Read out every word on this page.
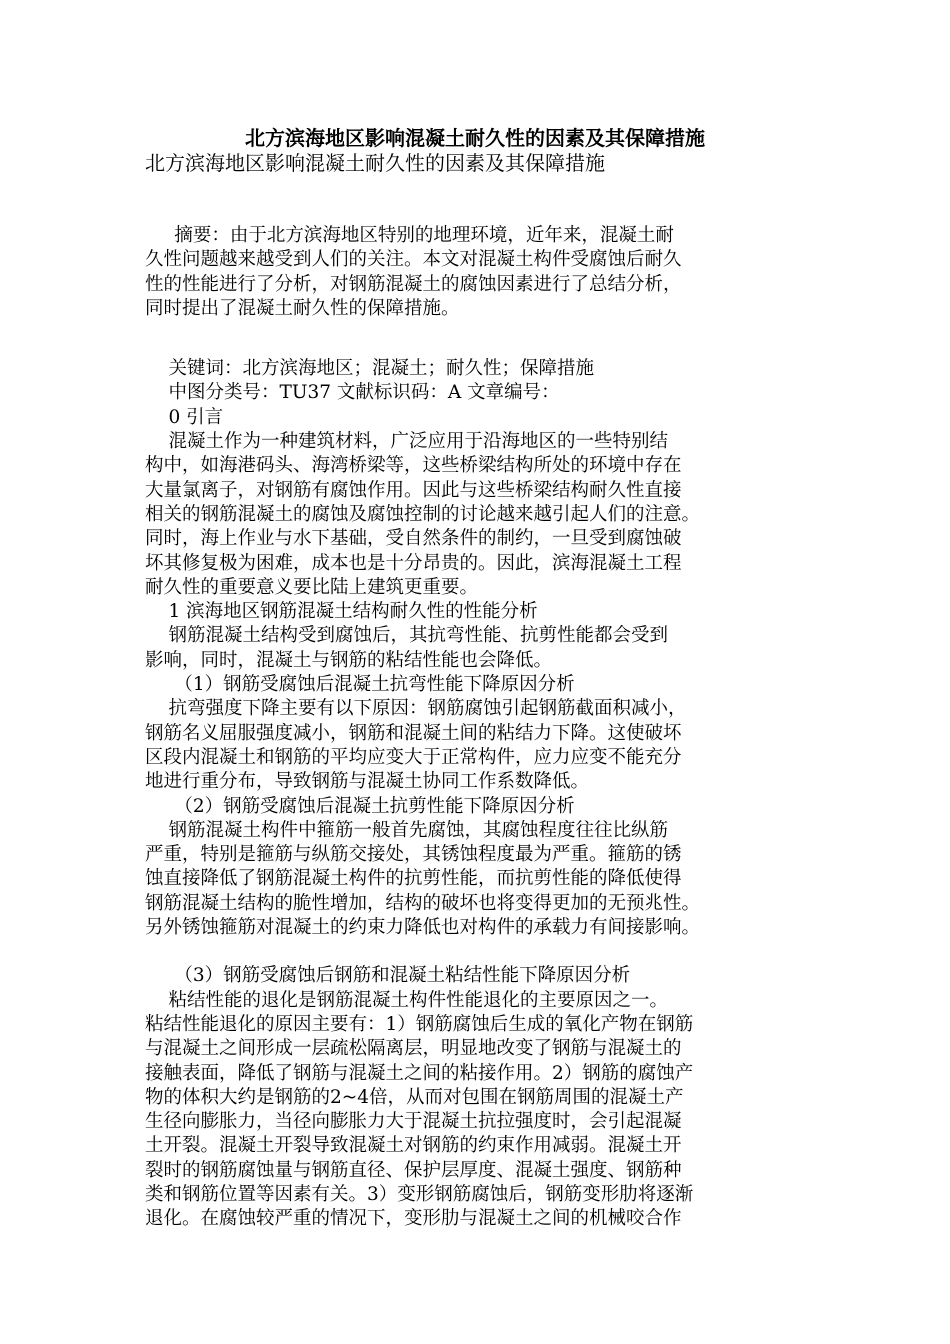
北方滨海地区影响混凝土耐久性的因素及其保障措施
北方滨海地区影响混凝土耐久性的因素及其保障措施

摘要：由于北方滨海地区特别的地理环境，近年来，混凝土耐

久性问题越来越受到人们的关注。本文对混凝土构件受腐蚀后耐久

性的性能进行了分析，对钢筋混凝土的腐蚀因素进行了总结分析，

同时提出了混凝土耐久性的保障措施。

关键词：北方滨海地区；混凝土；耐久性；保障措施

中图分类号：TU37 文献标识码：A 文章编号：

0 引言

混凝土作为一种建筑材料，广泛应用于沿海地区的一些特别结

构中，如海港码头、海湾桥梁等，这些桥梁结构所处的环境中存在

大量氯离子，对钢筋有腐蚀作用。因此与这些桥梁结构耐久性直接

相关的钢筋混凝土的腐蚀及腐蚀控制的讨论越来越引起人们的注意。

同时，海上作业与水下基础，受自然条件的制约，一旦受到腐蚀破

坏其修复极为困难，成本也是十分昂贵的。因此，滨海混凝土工程

耐久性的重要意义要比陆上建筑更重要。

1 滨海地区钢筋混凝土结构耐久性的性能分析

钢筋混凝土结构受到腐蚀后，其抗弯性能、抗剪性能都会受到

影响，同时，混凝土与钢筋的粘结性能也会降低。

（1）钢筋受腐蚀后混凝土抗弯性能下降原因分析

抗弯强度下降主要有以下原因：钢筋腐蚀引起钢筋截面积减小，

钢筋名义屈服强度减小，钢筋和混凝土间的粘结力下降。这使破坏

区段内混凝土和钢筋的平均应变大于正常构件，应力应变不能充分

地进行重分布，导致钢筋与混凝土协同工作系数降低。

（2）钢筋受腐蚀后混凝土抗剪性能下降原因分析

钢筋混凝土构件中箍筋一般首先腐蚀，其腐蚀程度往往比纵筋

严重，特别是箍筋与纵筋交接处，其锈蚀程度最为严重。箍筋的锈

蚀直接降低了钢筋混凝土构件的抗剪性能，而抗剪性能的降低使得

钢筋混凝土结构的脆性增加，结构的破坏也将变得更加的无预兆性。

另外锈蚀箍筋对混凝土的约束力降低也对构件的承载力有间接影响。

（3）钢筋受腐蚀后钢筋和混凝土粘结性能下降原因分析

粘结性能的退化是钢筋混凝土构件性能退化的主要原因之一。

粘结性能退化的原因主要有：1）钢筋腐蚀后生成的氧化产物在钢筋

与混凝土之间形成一层疏松隔离层，明显地改变了钢筋与混凝土的

接触表面，降低了钢筋与混凝土之间的粘接作用。2）钢筋的腐蚀产

物的体积大约是钢筋的2~4倍，从而对包围在钢筋周围的混凝土产

生径向膨胀力，当径向膨胀力大于混凝土抗拉强度时，会引起混凝

土开裂。混凝土开裂导致混凝土对钢筋的约束作用减弱。混凝土开

裂时的钢筋腐蚀量与钢筋直径、保护层厚度、混凝土强度、钢筋种

类和钢筋位置等因素有关。3）变形钢筋腐蚀后，钢筋变形肋将逐渐

退化。在腐蚀较严重的情况下，变形肋与混凝土之间的机械咬合作
